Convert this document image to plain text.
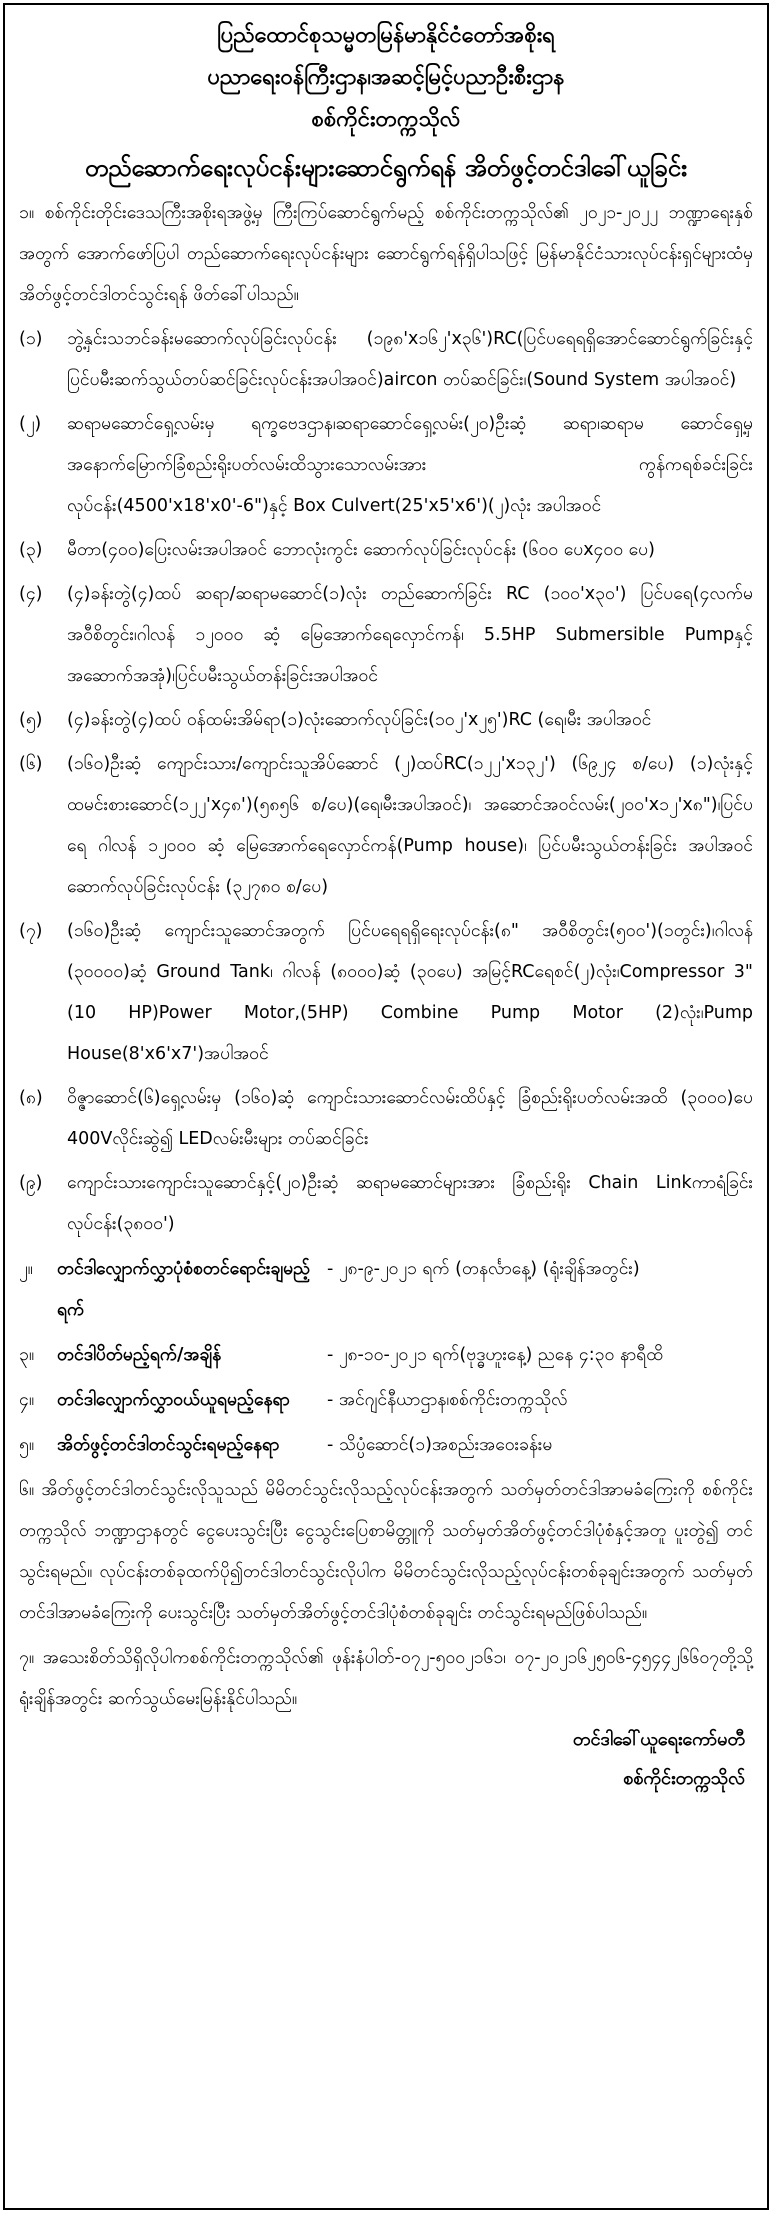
ပြည်ထောင်စုသမ္မတမြန်မာနိုင်ငံတော်အစိုးရ
ပညာရေးဝန်ကြီးဌာန၊အဆင့်မြင့်ပညာဦးစီးဌာန
စစ်ကိုင်းတက္ကသိုလ်
တည်ဆောက်ရေးလုပ်ငန်းများဆောင်ရွက်ရန် အိတ်ဖွင့်တင်ဒါခေါ်ယူခြင်း

၁။ စစ်ကိုင်းတိုင်းဒေသကြီးအစိုးရအဖွဲ့မှ ကြီးကြပ်ဆောင်ရွက်မည့် စစ်ကိုင်းတက္ကသိုလ်၏ ၂၀၂၁-၂၀၂၂ ဘဏ္ဍာရေးနှစ်အတွက် အောက်ဖော်ပြပါ တည်ဆောက်ရေးလုပ်ငန်းများ ဆောင်ရွက်ရန်ရှိပါသဖြင့် မြန်မာနိုင်ငံသားလုပ်ငန်းရှင်များထံမှ အိတ်ဖွင့်တင်ဒါတင်သွင်းရန် ဖိတ်ခေါ်ပါသည်။

(၁)	ဘွဲ့နှင်းသဘင်ခန်းမဆောက်လုပ်ခြင်းလုပ်ငန်း (၁၉၈'x၁၆၂'x၃၆')RC(ပြင်ပရေရရှိအောင်ဆောင်ရွက်ခြင်းနှင့် ပြင်ပမီးဆက်သွယ်တပ်ဆင်ခြင်းလုပ်ငန်းအပါအဝင်)aircon တပ်ဆင်ခြင်း၊(Sound System အပါအဝင်)
(၂)	ဆရာမဆောင်ရှေ့လမ်းမှ ရက္ခဗေဒဌာန၊ဆရာဆောင်ရှေ့လမ်း(၂၀)ဦးဆံ့ ဆရာ၊ဆရာမ ဆောင်ရှေ့မှ အနောက်မြောက်ခြံစည်းရိုးပတ်လမ်းထိသွားသောလမ်းအား ကွန်ကရစ်ခင်းခြင်းလုပ်ငန်း(4500'x18'x0'-6")နှင့် Box Culvert(25'x5'x6')(၂)လုံး အပါအဝင်
(၃)	မီတာ(၄၀၀)ပြေးလမ်းအပါအဝင် ဘောလုံးကွင်း ဆောက်လုပ်ခြင်းလုပ်ငန်း (၆၀၀ ပေx၄၀၀ ပေ)
(၄)	(၄)ခန်းတွဲ(၄)ထပ် ဆရာ/ဆရာမဆောင်(၁)လုံး တည်ဆောက်ခြင်း RC (၁၀၀'x၃၀') ပြင်ပရေ(၄လက်မ အဝီစိတွင်း၊ဂါလန် ၁၂၀၀၀ ဆံ့ မြေအောက်ရေလှောင်ကန်၊ 5.5HP Submersible Pumpနှင့် အဆောက်အအုံ)၊ပြင်ပမီးသွယ်တန်းခြင်းအပါအဝင်
(၅)	(၄)ခန်းတွဲ(၄)ထပ် ဝန်ထမ်းအိမ်ရာ(၁)လုံးဆောက်လုပ်ခြင်း(၁၀၂'x၂၅')RC (ရေ၊မီး အပါအဝင်
(၆)	(၁၆၀)ဦးဆံ့ ကျောင်းသား/ကျောင်းသူအိပ်ဆောင် (၂)ထပ်RC(၁၂၂'x၁၃၂') (၆၉၂၄ စ/ပေ) (၁)လုံးနှင့် ထမင်းစားဆောင်(၁၂၂'x၄၈')(၅၈၅၆ စ/ပေ)(ရေ၊မီးအပါအဝင်)၊ အဆောင်အဝင်လမ်း(၂၀၀'x၁၂'x၈")၊ပြင်ပရေ ဂါလန် ၁၂၀၀၀ ဆံ့ မြေအောက်ရေလှောင်ကန်(Pump house)၊ ပြင်ပမီးသွယ်တန်းခြင်း အပါအဝင် ဆောက်လုပ်ခြင်းလုပ်ငန်း (၃၂၇၈၀ စ/ပေ)
(၇)	(၁၆၀)ဦးဆံ့ ကျောင်းသူဆောင်အတွက် ပြင်ပရေရရှိရေးလုပ်ငန်း(၈" အဝီစိတွင်း(၅၀၀')(၁တွင်း)၊ဂါလန် (၃၀၀၀၀)ဆံ့ Ground Tank၊ ဂါလန် (၈၀၀၀)ဆံ့ (၃၀ပေ) အမြင့်RCရေစင်(၂)လုံး၊Compressor 3"(10 HP)Power Motor,(5HP) Combine Pump Motor (2)လုံး၊Pump House(8'x6'x7')အပါအဝင်
(၈)	ဝိဇ္ဇာဆောင်(၆)ရှေ့လမ်းမှ (၁၆၀)ဆံ့ ကျောင်းသားဆောင်လမ်းထိပ်နှင့် ခြံစည်းရိုးပတ်လမ်းအထိ (၃၀၀၀)ပေ 400Vလိုင်းဆွဲ၍ LEDလမ်းမီးများ တပ်ဆင်ခြင်း
(၉)	ကျောင်းသားကျောင်းသူဆောင်နှင့်(၂၀)ဦးဆံ့ ဆရာမဆောင်များအား ခြံစည်းရိုး Chain Linkကာရံခြင်းလုပ်ငန်း(၃၈၀၀')
၂။	တင်ဒါလျှောက်လွှာပုံစံစတင်ရောင်းချမည့်ရက်
- ၂၈-၉-၂၀၂၁ ရက် (တနင်္လာနေ့) (ရုံးချိန်အတွင်း)
၃။	တင်ဒါပိတ်မည့်ရက်/အချိန်	- ၂၈-၁၀-၂၀၂၁ ရက်(ဗုဒ္ဓဟူးနေ့) ညနေ ၄:၃၀ နာရီထိ
၄။	တင်ဒါလျှောက်လွှာဝယ်ယူရမည့်နေရာ	- အင်ဂျင်နီယာဌာန၊စစ်ကိုင်းတက္ကသိုလ်
၅။	အိတ်ဖွင့်တင်ဒါတင်သွင်းရမည့်နေရာ	- သိပ္ပံဆောင်(၁)အစည်းအဝေးခန်းမ

၆။ အိတ်ဖွင့်တင်ဒါတင်သွင်းလိုသူသည် မိမိတင်သွင်းလိုသည့်လုပ်ငန်းအတွက် သတ်မှတ်တင်ဒါအာမခံကြေးကို စစ်ကိုင်းတက္ကသိုလ် ဘဏ္ဍာဌာနတွင် ငွေပေးသွင်းပြီး ငွေသွင်းပြေစာမိတ္တူကို သတ်မှတ်အိတ်ဖွင့်တင်ဒါပုံစံနှင့်အတူ ပူးတွဲ၍ တင်သွင်းရမည်။ လုပ်ငန်းတစ်ခုထက်ပို၍တင်ဒါတင်သွင်းလိုပါက မိမိတင်သွင်းလိုသည့်လုပ်ငန်းတစ်ခုချင်းအတွက် သတ်မှတ်တင်ဒါအာမခံကြေးကို ပေးသွင်းပြီး သတ်မှတ်အိတ်ဖွင့်တင်ဒါပုံစံတစ်ခုချင်း တင်သွင်းရမည်ဖြစ်ပါသည်။

၇။ အသေးစိတ်သိရှိလိုပါကစစ်ကိုင်းတက္ကသိုလ်၏ ဖုန်းနံပါတ်-၀၇၂-၅၀၀၂၁၆၁၊ ၀၇-၂၀၂၁၆၂၅၀၆-၄၅၄၄၂၆၆၀၇တို့သို့ရုံးချိန်အတွင်း ဆက်သွယ်မေးမြန်းနိုင်ပါသည်။

တင်ဒါခေါ်ယူရေးကော်မတီ
စစ်ကိုင်းတက္ကသိုလ်
